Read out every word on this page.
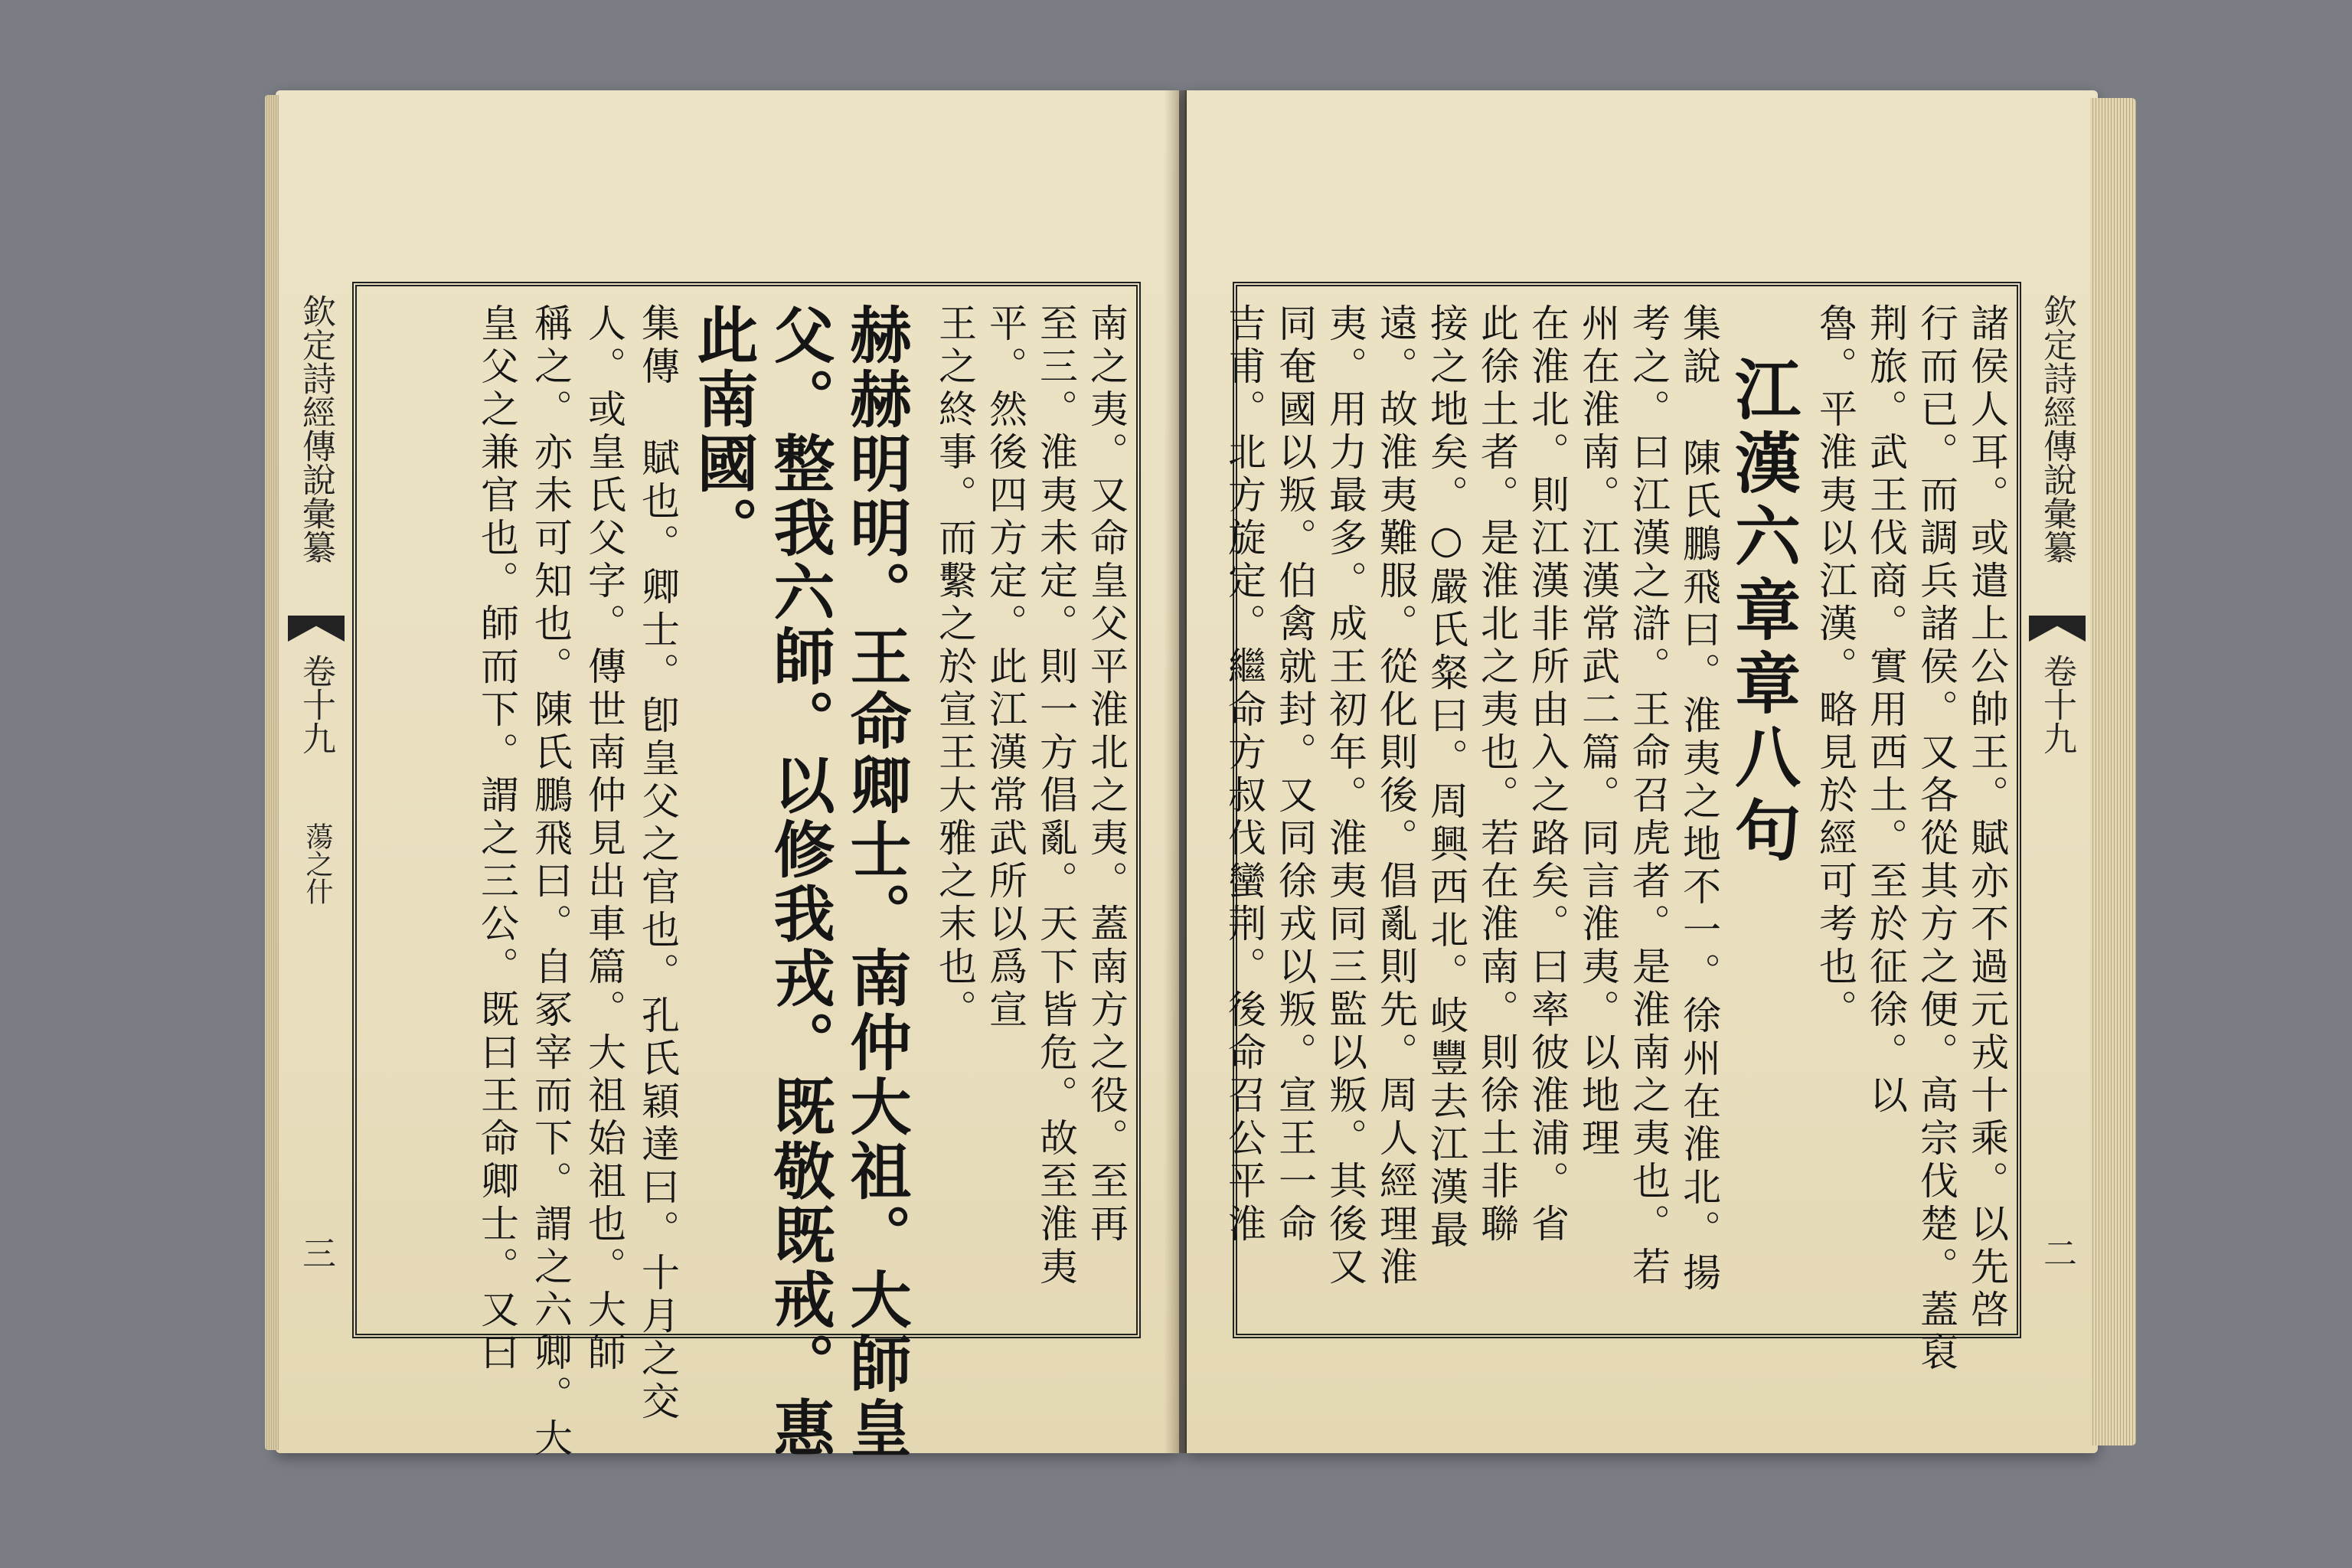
欽定詩經傳說彙纂
卷十九
蕩之什
三
南之夷。又命皇父平淮北之夷。蓋南方之役。至再
至三。淮夷未定。則一方倡亂。天下皆危。故至淮夷
平。然後四方定。此江漢常武所以爲宣
王之終事。而繫之於宣王大雅之末也。
赫赫明明。王命卿士。南仲大祖。大師皇
父。整我六師。以修我戎。既敬既戒。惠
此南國。
集傳 賦也。卿士。卽皇父之官也。孔氏穎達曰。十月之交
人。或皇氏父字。傳世南仲見出車篇。大祖始祖也。大師
稱之。亦未可知也。陳氏鵬飛曰。自冢宰而下。謂之六卿。大
皇父之兼官也。師而下。謂之三公。既曰王命卿士。又曰	欽定詩經傳說彙纂
卷十九
二
諸侯人耳。或遣上公帥王。賦亦不過元戎十乘。以先啓
行而已。而調兵諸侯。又各從其方之便。高宗伐楚。蓋裒
荆旅。武王伐商。實用西土。至於征徐。以
魯。平淮夷以江漢。略見於經可考也。
江漢六章章八句
集說 陳氏鵬飛曰。淮夷之地不一。徐州在淮北。揚
考之。曰江漢之滸。王命召虎者。是淮南之夷也。若
州在淮南。江漢常武二篇。同言淮夷。以地理
在淮北。則江漢非所由入之路矣。曰率彼淮浦。省
此徐土者。是淮北之夷也。若在淮南。則徐土非聯
接之地矣。○嚴氏粲曰。周興西北。岐豐去江漢最
遠。故淮夷難服。從化則後。倡亂則先。周人經理淮
夷。用力最多。成王初年。淮夷同三監以叛。其後又
同奄國以叛。伯禽就封。又同徐戎以叛。宣王一命
吉甫。北方旋定。繼命方叔伐蠻荆。後命召公平淮
